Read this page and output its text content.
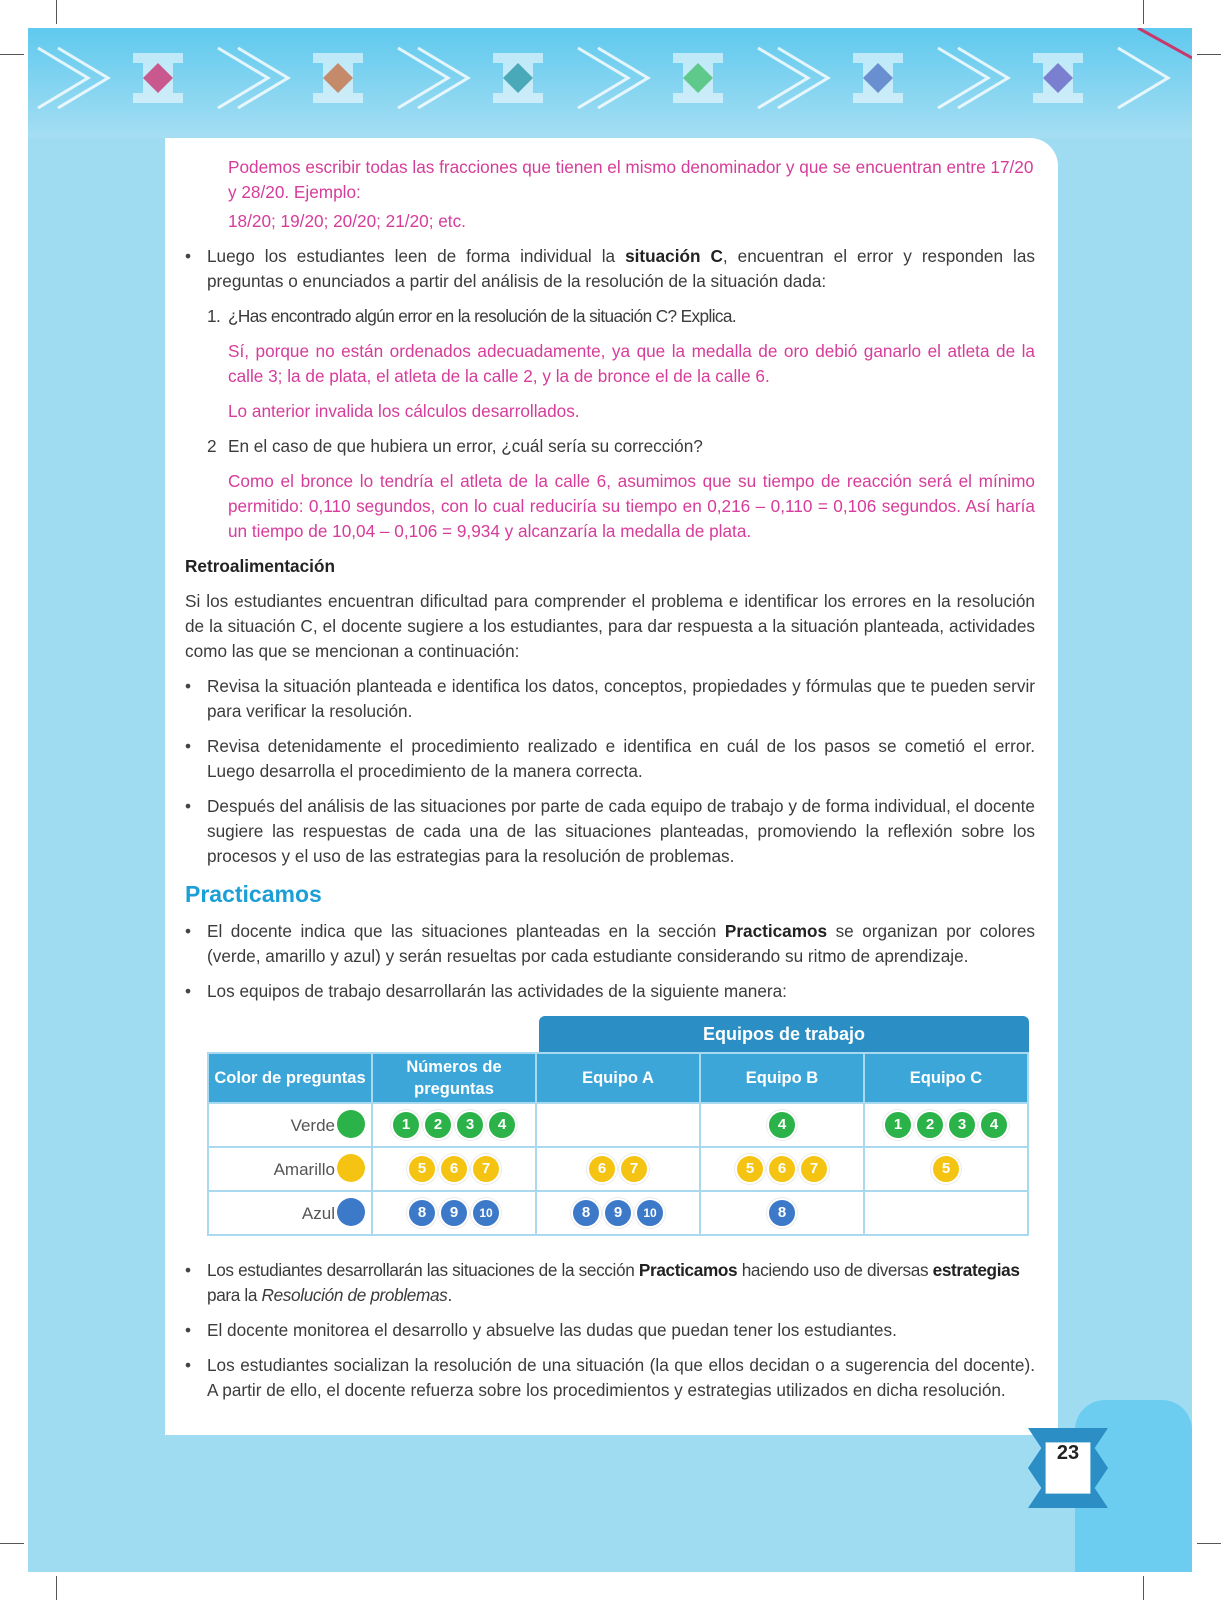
Podemos escribir todas las fracciones que tienen el mismo denominador y que se encuentran entre 17/20 y 28/20. Ejemplo:

18/20; 19/20; 20/20; 21/20; etc.

• Luego los estudiantes leen de forma individual la situación C, encuentran el error y responden las preguntas o enunciados a partir del análisis de la resolución de la situación dada:
1. ¿Has encontrado algún error en la resolución de la situación C? Explica.

Sí, porque no están ordenados adecuadamente, ya que la medalla de oro debió ganarlo el atleta de la calle 3; la de plata, el atleta de la calle 2, y la de bronce el de la calle 6.

Lo anterior invalida los cálculos desarrollados.

2 En el caso de que hubiera un error, ¿cuál sería su corrección?

Como el bronce lo tendría el atleta de la calle 6, asumimos que su tiempo de reacción será el mínimo permitido: 0,110 segundos, con lo cual reduciría su tiempo en 0,216 – 0,110 = 0,106 segundos. Así haría un tiempo de 10,04 – 0,106 = 9,934 y alcanzaría la medalla de plata.

Retroalimentación

Si los estudiantes encuentran dificultad para comprender el problema e identificar los errores en la resolución de la situación C, el docente sugiere a los estudiantes, para dar respuesta a la situación planteada, actividades como las que se mencionan a continuación:

• Revisa la situación planteada e identifica los datos, conceptos, propiedades y fórmulas que te pueden servir para verificar la resolución.
• Revisa detenidamente el procedimiento realizado e identifica en cuál de los pasos se cometió el error. Luego desarrolla el procedimiento de la manera correcta.
• Después del análisis de las situaciones por parte de cada equipo de trabajo y de forma individual, el docente sugiere las respuestas de cada una de las situaciones planteadas, promoviendo la reflexión sobre los procesos y el uso de las estrategias para la resolución de problemas.
Practicamos
• El docente indica que las situaciones planteadas en la sección Practicamos se organizan por colores (verde, amarillo y azul) y serán resueltas por cada estudiante considerando su ritmo de aprendizaje.
• Los equipos de trabajo desarrollarán las actividades de la siguiente manera:
Equipos de trabajo
Color de preguntas	Números de preguntas	Equipo A	Equipo B	Equipo C
Verde	1 2 3 4		4	1 2 3 4

Amarillo	5 6 7	6 7	5 6 7	5

Azul	8 9 10	8 9 10	8	

• Los estudiantes desarrollarán las situaciones de la sección Practicamos haciendo uso de diversas estrategias para la Resolución de problemas.
• El docente monitorea el desarrollo y absuelve las dudas que puedan tener los estudiantes.
• Los estudiantes socializan la resolución de una situación (la que ellos decidan o a sugerencia del docente). A partir de ello, el docente refuerza sobre los procedimientos y estrategias utilizados en dicha resolución.
23
